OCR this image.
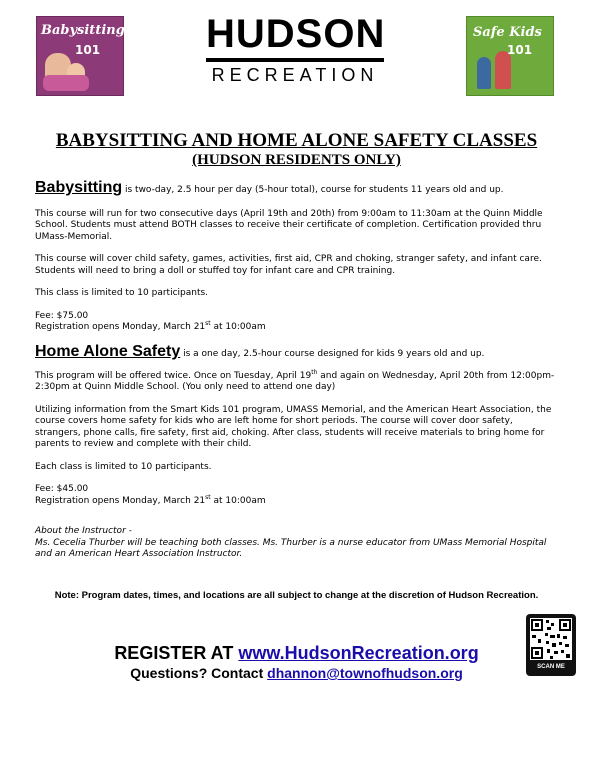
Babysitting
101	HUDSON
RECREATION
Safe Kids
101
BABYSITTING AND HOME ALONE SAFETY CLASSES
(HUDSON RESIDENTS ONLY)

Babysitting is two-day, 2.5 hour per day (5-hour total), course for students 11 years old and up.

This course will run for two consecutive days (April 19th and 20th) from 9:00am to 11:30am at the Quinn Middle School. Students must attend BOTH classes to receive their certificate of completion. Certification provided thru UMass-Memorial.

This course will cover child safety, games, activities, first aid, CPR and choking, stranger safety, and infant care. Students will need to bring a doll or stuffed toy for infant care and CPR training.

This class is limited to 10 participants.

Fee: $75.00

Registration opens Monday, March 21st at 10:00am

Home Alone Safety is a one day, 2.5-hour course designed for kids 9 years old and up.

This program will be offered twice. Once on Tuesday, April 19th and again on Wednesday, April 20th from 12:00pm-2:30pm at Quinn Middle School. (You only need to attend one day)

Utilizing information from the Smart Kids 101 program, UMASS Memorial, and the American Heart Association, the course covers home safety for kids who are left home for short periods. The course will cover door safety, strangers, phone calls, fire safety, first aid, choking. After class, students will receive materials to bring home for parents to review and complete with their child.

Each class is limited to 10 participants.

Fee: $45.00

Registration opens Monday, March 21st at 10:00am

About the Instructor -

Ms. Cecelia Thurber will be teaching both classes. Ms. Thurber is a nurse educator from UMass Memorial Hospital and an American Heart Association Instructor.

Note: Program dates, times, and locations are all subject to change at the discretion of Hudson Recreation.
REGISTER AT www.HudsonRecreation.org
Questions? Contact dhannon@townofhudson.org	SCAN ME
